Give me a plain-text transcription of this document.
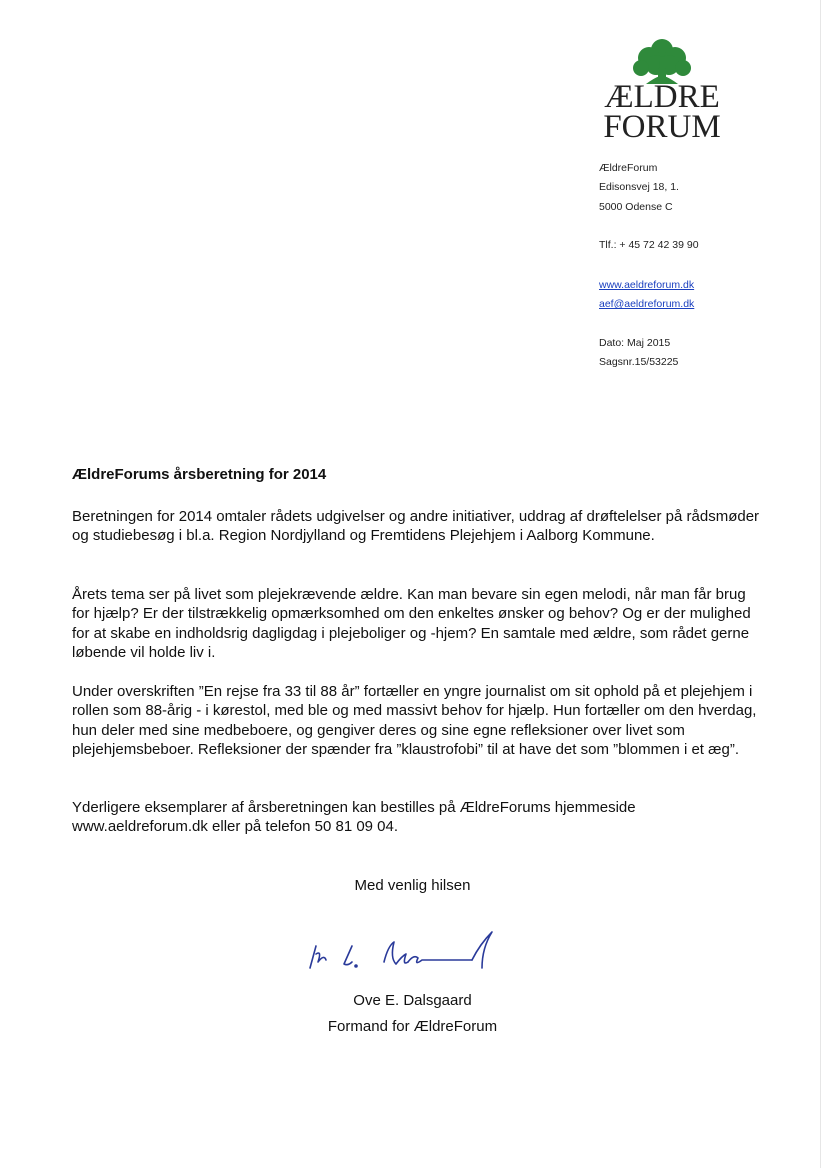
ÆLDRE
FORUM
ÆldreForum
Edisonsvej 18, 1.
5000 Odense C
Tlf.: + 45 72 42 39 90
www.aeldreforum.dk
aef@aeldreforum.dk
Dato: Maj 2015
Sagsnr.15/53225
ÆldreForums årsberetning for 2014

Beretningen for 2014 omtaler rådets udgivelser og andre initiativer, uddrag af drøftelelser på rådsmøder og studiebesøg i bl.a. Region Nordjylland og Fremtidens Plejehjem i Aalborg Kommune.

Årets tema ser på livet som plejekrævende ældre. Kan man bevare sin egen melodi, når man får brug for hjælp? Er der tilstrækkelig opmærksomhed om den enkeltes ønsker og behov? Og er der mulighed for at skabe en indholdsrig dagligdag i plejeboliger og -hjem? En samtale med ældre, som rådet gerne løbende vil holde liv i.

Under overskriften ”En rejse fra 33 til 88 år” fortæller en yngre journalist om sit ophold på et plejehjem i rollen som 88-årig - i kørestol, med ble og med massivt behov for hjælp. Hun fortæller om den hverdag, hun deler med sine medbeboere, og gengiver deres og sine egne refleksioner over livet som plejehjemsbeboer. Refleksioner der spænder fra ”klaustrofobi” til at have det som ”blommen i et æg”.

Yderligere eksemplarer af årsberetningen kan bestilles på ÆldreForums hjemmeside www.aeldreforum.dk eller på telefon 50 81 09 04.

Med venlig hilsen
Ove E. Dalsgaard
Formand for ÆldreForum
